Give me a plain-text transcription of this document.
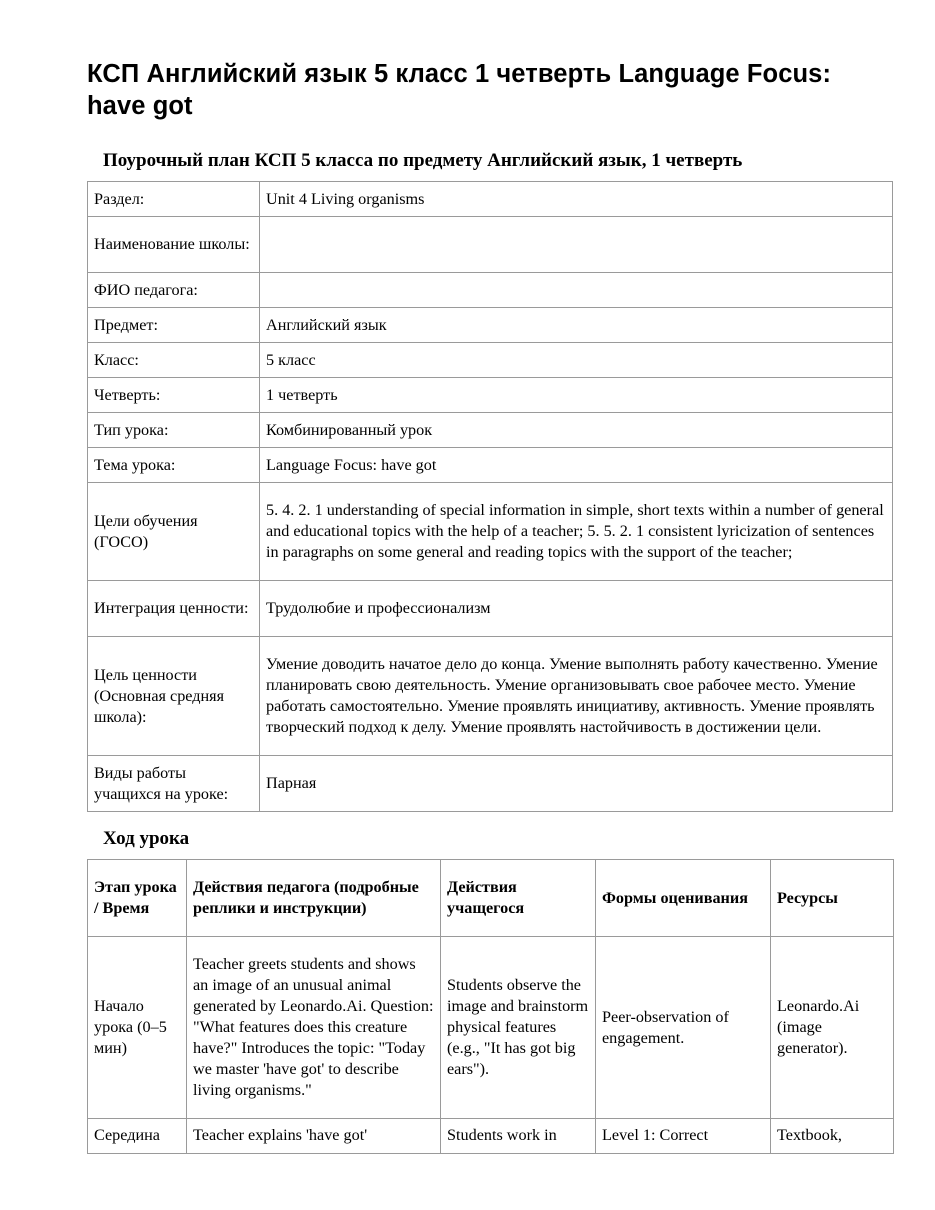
КСП Английский язык 5 класс 1 четверть Language Focus: have got
Поурочный план КСП 5 класса по предмету Английский язык, 1 четверть
Раздел:	Unit 4 Living organisms
Наименование школы:	
ФИО педагога:	
Предмет:	Английский язык
Класс:	5 класс
Четверть:	1 четверть
Тип урока:	Комбинированный урок
Тема урока:	Language Focus: have got
Цели обучения (ГОСО)	5. 4. 2. 1 understanding of special information in simple, short texts within a number of general and educational topics with the help of a teacher; 5. 5. 2. 1 consistent lyricization of sentences in paragraphs on some general and reading topics with the support of the teacher;
Интеграция ценности:	Трудолюбие и профессионализм
Цель ценности (Основная средняя школа):	Умение доводить начатое дело до конца. Умение выполнять работу качественно. Умение планировать свою деятельность. Умение организовывать свое рабочее место. Умение работать самостоятельно. Умение проявлять инициативу, активность. Умение проявлять творческий подход к делу. Умение проявлять настойчивость в достижении цели.
Виды работы учащихся на уроке:	Парная
Ход урока
Этап урока / Время	Действия педагога (подробные реплики и инструкции)	Действия учащегося	Формы оценивания	Ресурсы
Начало урока (0–5 мин)	Teacher greets students and shows an image of an unusual animal generated by Leonardo.Ai. Question: "What features does this creature have?" Introduces the topic: "Today we master 'have got' to describe living organisms."	Students observe the image and brainstorm physical features (e.g., "It has got big ears").	Peer-observation of engagement.	Leonardo.Ai (image generator).
Середина	Teacher explains 'have got'	Students work in	Level 1: Correct	Textbook,
